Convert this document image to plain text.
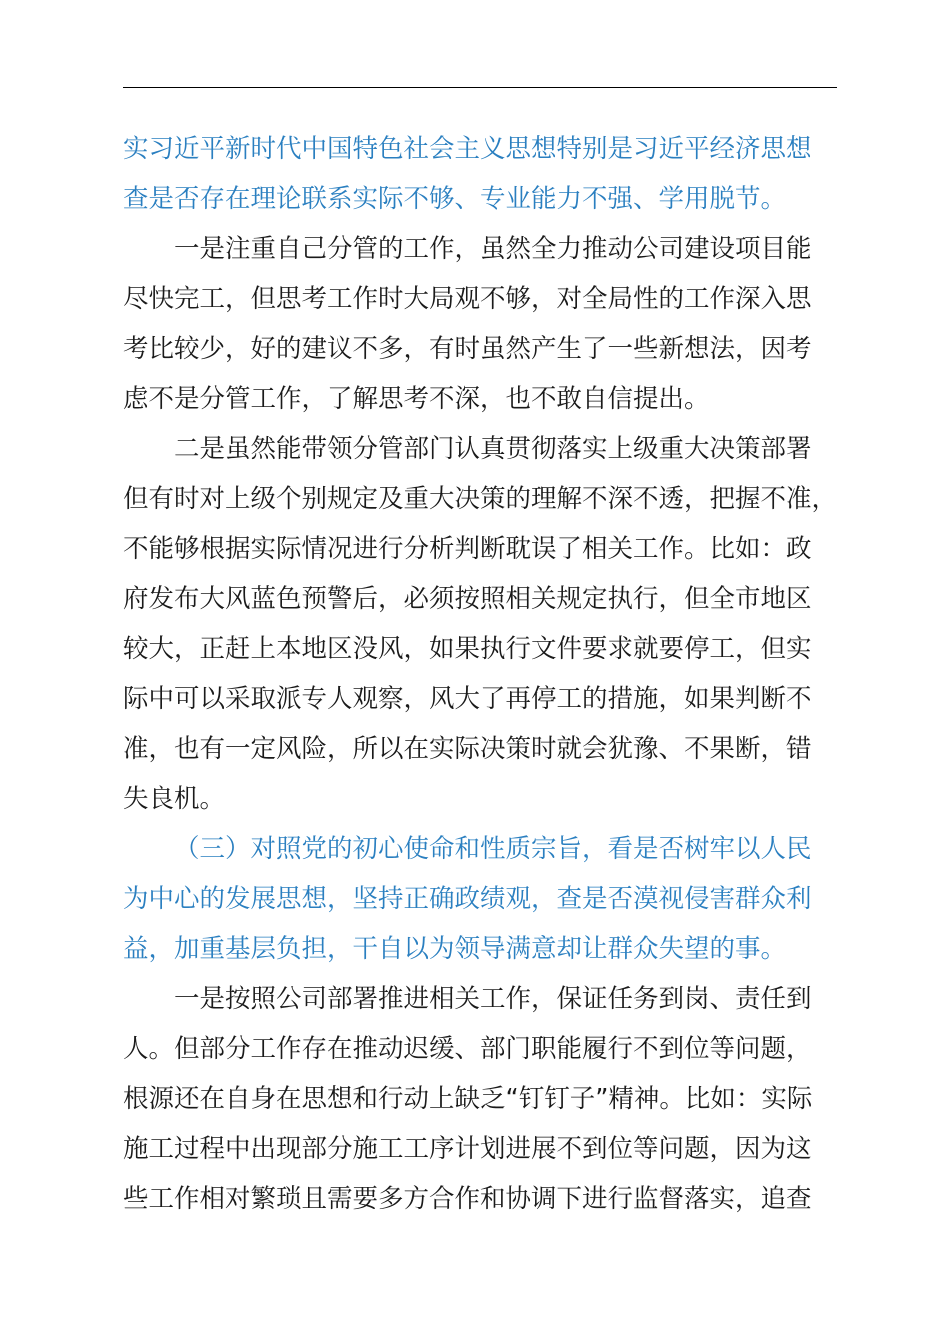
实习近平新时代中国特色社会主义思想特别是习近平经济思想
查是否存在理论联系实际不够、专业能力不强、学用脱节。
一是注重自己分管的工作，虽然全力推动公司建设项目能
尽快完工，但思考工作时大局观不够，对全局性的工作深入思
考比较少，好的建议不多，有时虽然产生了一些新想法，因考
虑不是分管工作，了解思考不深，也不敢自信提出。
二是虽然能带领分管部门认真贯彻落实上级重大决策部署
但有时对上级个别规定及重大决策的理解不深不透，把握不准，
不能够根据实际情况进行分析判断耽误了相关工作。比如：政
府发布大风蓝色预警后，必须按照相关规定执行，但全市地区
较大，正赶上本地区没风，如果执行文件要求就要停工，但实
际中可以采取派专人观察，风大了再停工的措施，如果判断不
准，也有一定风险，所以在实际决策时就会犹豫、不果断，错
失良机。
（三）对照党的初心使命和性质宗旨，看是否树牢以人民
为中心的发展思想，坚持正确政绩观，查是否漠视侵害群众利
益，加重基层负担，干自以为领导满意却让群众失望的事。
一是按照公司部署推进相关工作，保证任务到岗、责任到
人。但部分工作存在推动迟缓、部门职能履行不到位等问题，
根源还在自身在思想和行动上缺乏“钉钉子”精神。比如：实际
施工过程中出现部分施工工序计划进展不到位等问题，因为这
些工作相对繁琐且需要多方合作和协调下进行监督落实，追查
